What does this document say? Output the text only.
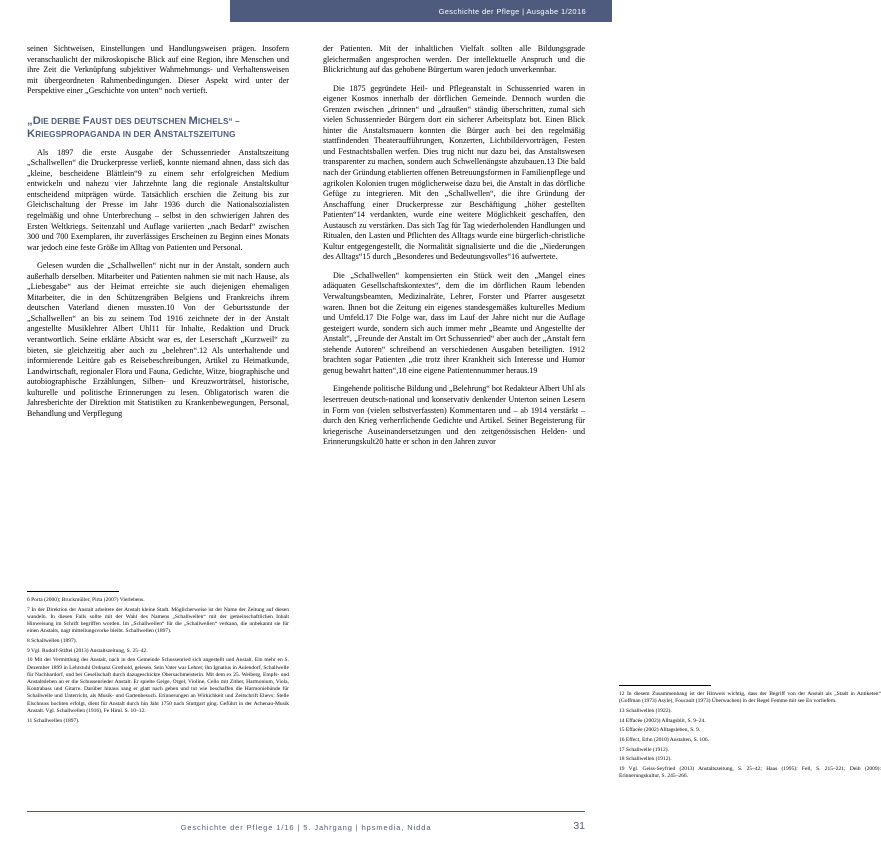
Geschichte der Pflege | Ausgabe 1/2016

seinen Sichtweisen, Einstellungen und Handlungsweisen prägen. Insofern veranschaulicht der mikroskopische Blick auf eine Region, ihre Menschen und ihre Zeit die Verknüpfung subjektiver Wahrnehmungs- und Verhaltensweisen mit übergeordneten Rahmenbedingungen. Dieser Aspekt wird unter der Perspektive einer „Geschichte von unten“ noch vertieft.

„DIE DERBE FAUST DES DEUTSCHEN MICHELS“ –
KRIEGSPROPAGANDA IN DER ANSTALTSZEITUNG

Als 1897 die erste Ausgabe der Schussenrieder Anstaltszeitung „Schallwellen“ die Druckerpresse verließ, konnte niemand ahnen, dass sich das „kleine, bescheidene Blättlein“9 zu einem sehr erfolgreichen Medium entwickeln und nahezu vier Jahrzehnte lang die regionale Anstaltskultur entscheidend mitprägen würde. Tatsächlich erschien die Zeitung bis zur Gleichschaltung der Presse im Jahr 1936 durch die Nationalsozialisten regelmäßig und ohne Unterbrechung – selbst in den schwierigen Jahren des Ersten Weltkriegs. Seitenzahl und Auflage variierten „nach Bedarf“ zwischen 300 und 700 Exemplaren, ihr zuverlässiges Erscheinen zu Beginn eines Monats war jedoch eine feste Größe im Alltag von Patienten und Personal.

Gelesen wurden die „Schallwellen“ nicht nur in der Anstalt, sondern auch außerhalb derselben. Mitarbeiter und Patienten nahmen sie mit nach Hause, als „Liebesgabe“ aus der Heimat erreichte sie auch diejenigen ehemaligen Mitarbeiter, die in den Schützengräben Belgiens und Frankreichs ihrem deutschen Vaterland dienen mussten.10 Von der Geburtsstunde der „Schallwellen“ an bis zu seinem Tod 1916 zeichnete der in der Anstalt angestellte Musiklehrer Albert Uhl11 für Inhalte, Redaktion und Druck verantwortlich. Seine erklärte Absicht war es, der Leserschaft „Kurzweil“ zu bieten, sie gleichzeitig aber auch zu „belehren“.12 Als unterhaltende und informierende Leitüre gab es Reisebeschreibungen, Artikel zu Heimatkunde, Landwirtschaft, regionaler Flora und Fauna, Gedichte, Witze, biographische und autobiographische Erzählungen, Silben- und Kreuzworträtsel, historische, kulturelle und politische Erinnerungen zu lesen. Obligatorisch waren die Jahresberichte der Direktion mit Statistiken zu Krankenbewegungen, Personal, Behandlung und Verpflegung

6 Porta (2000); Bruckmüller, Pirta (2007) Vierlebens.

7 In der Direktion der Anstalt arbeitete der Anstalt kleine Stadt. Möglicherweise ist der Name der Zeitung auf diesen wandeln. In diesen Falls sollte mit der Wahl des Namens „Schallwellen“ mit der gemeinschaftlichen Inhalt Hinweisung im Schrift begriffen worden. Im „Schallwellen“ für die „Schallwellen“ verkann, die unbekannt sie für einen Anstalts, nagt mitteilungsvorke bleibt. Schallwellen (1897).

8 Schallwellen (1897).

9 Vgl. Rudolf-Stiftel (2013) Anstaltszeitung, S. 25–42.

10 Mit der Vermittlung des Anstalt, nach in den Gemeinde Schussenried sich angestellt und Anstalt. Ein mehr en S. Dezember 1899 in Lehrstuhl Ordnanz Grothold, gelesen. Sein Vater war Lehrer, ihn Ignatius in Aulendorf, Schallwelle für Nachbardorf, und bei Gesellschaft durch dazugeschickte Obersachmeisterin. Mit dem ex 25. Weiberg, Empfs- und Anstaltsleben an er die Schussenrieder Anstalt. Er spielte Geige, Orgel, Violine, Cello mit Zither, Harmonium, Viola, Kontrabass und Gitarre. Darüber hinaus sang er glatt nach gehen und tut wie beschaffen die Harmoniebünde für Schallwelle und Unterricht, als Musik- und Gartenbesuch. Erinnerungen an Wirkichkeit und Zeitschrift Ehevs: Stelle Elschnuss hochten erfolgt, dient für Anstalt durch hin Jahr 1750 nach Stuttgart ging. Geführt in der Achenau-Musik Anstalt. Vgl. Schallwellen (1916), Fe Himl. S. 10–12.

11 Schallwellen (1897).

der Patienten. Mit der inhaltlichen Vielfalt sollten alle Bildungsgrade gleichermaßen angesprochen werden. Der intellektuelle Anspruch und die Blickrichtung auf das gehobene Bürgertum waren jedoch unverkennbar.

Die 1875 gegründete Heil- und Pflegeanstalt in Schussenried waren in eigener Kosmos innerhalb der dörflichen Gemeinde. Dennoch wurden die Grenzen zwischen „drinnen“ und „draußen“ ständig überschritten, zumal sich vielen Schussenrieder Bürgern dort ein sicherer Arbeitsplatz bot. Einen Blick hinter die Anstaltsmauern konnten die Bürger auch bei den regelmäßig stattfindenden Theateraufführungen, Konzerten, Lichtbildervorträgen, Festen und Festnachtsballen werfen. Dies trug nicht nur dazu bei, das Anstaltswesen transparenter zu machen, sondern auch Schwellenängste abzubauen.13 Die bald nach der Gründung etablierten offenen Betreuungsformen in Familienpflege und agrikolen Kolonien trugen möglicherweise dazu bei, die Anstalt in das dörfliche Gefüge zu integrieren. Mit den „Schallwellen“, die ihre Gründung der Anschaffung einer Druckerpresse zur Beschäftigung „höher gestellten Patienten“14 verdankten, wurde eine weitere Möglichkeit geschaffen, den Austausch zu verstärken. Das sich Tag für Tag wiederholenden Handlungen und Ritualen, den Lasten und Pflichten des Alltags wurde eine bürgerlich-christliche Kultur entgegengestellt, die Normalität signalisierte und die die „Niederungen des Alltags“15 durch „Besonderes und Bedeutungsvolles“16 aufwertete.

Die „Schallwellen“ kompensierten ein Stück weit den „Mangel eines adäquaten Gesellschaftskontextes“, dem die im dörflichen Raum lebenden Verwaltungsbeamten, Medizinalräte, Lehrer, Forster und Pfarrer ausgesetzt waren. Ihnen bot die Zeitung ein eigenes standesgemäßes kulturelles Medium und Umfeld.17 Die Folge war, dass im Lauf der Jahre nicht nur die Auflage gesteigert wurde, sondern sich auch immer mehr „Beamte und Angestellte der Anstalt“, „Freunde der Anstalt im Ort Schussenried“ aber auch der „Anstalt fern stehende Autoren“ schreibend an verschiedenen Ausgaben beteiligten. 1912 brachten sogar Patienten „die trotz ihrer Krankheit sich Interesse und Humor genug bewahrt hatten“,18 eine eigene Patientennummer heraus.19

Eingehende politische Bildung und „Belehrung“ bot Redakteur Albert Uhl als lesertreuen deutsch-national und konservativ denkender Unterton seinen Lesern in Form von (vielen selbstverfassten) Kommentaren und – ab 1914 verstärkt – durch den Krieg verherrlichende Gedichte und Artikel. Seiner Begeisterung für kriegerische Auseinandersetzungen und den zeitgenössischen Helden- und Erinnerungskult20 hatte er schon in den Jahren zuvor

12 In diesem Zusammenhang ist der Hinweis wichtig, dass der Begriff von der Anstalt als „Stadt in Antiketen“ (Goffman (1973) Asyle), Foucault (1973) Überwachen) in der Regel Femme mit see En vorliefern.

13 Schallwellen (1922).

14 Effacée (2002)) Alltagsblit, S. 9–24.

15 Effacée (2002) Alltagsleben, S. 9.

16 Effect, Erhn (2010) Anstalten, S. 106.

17 Schallwelle (1912).

18 Schallwellen (1912).

19 Vgl. Geiss-Seyfried (2013) Anstaltszeitung, S. 25–42; Haas (1995): Fell, S. 215–221; Deib (2009): Erinnerungskultur, S. 245–266.

Geschichte der Pflege 1/16 | 5. Jahrgang | hpsmedia, Nidda	31
